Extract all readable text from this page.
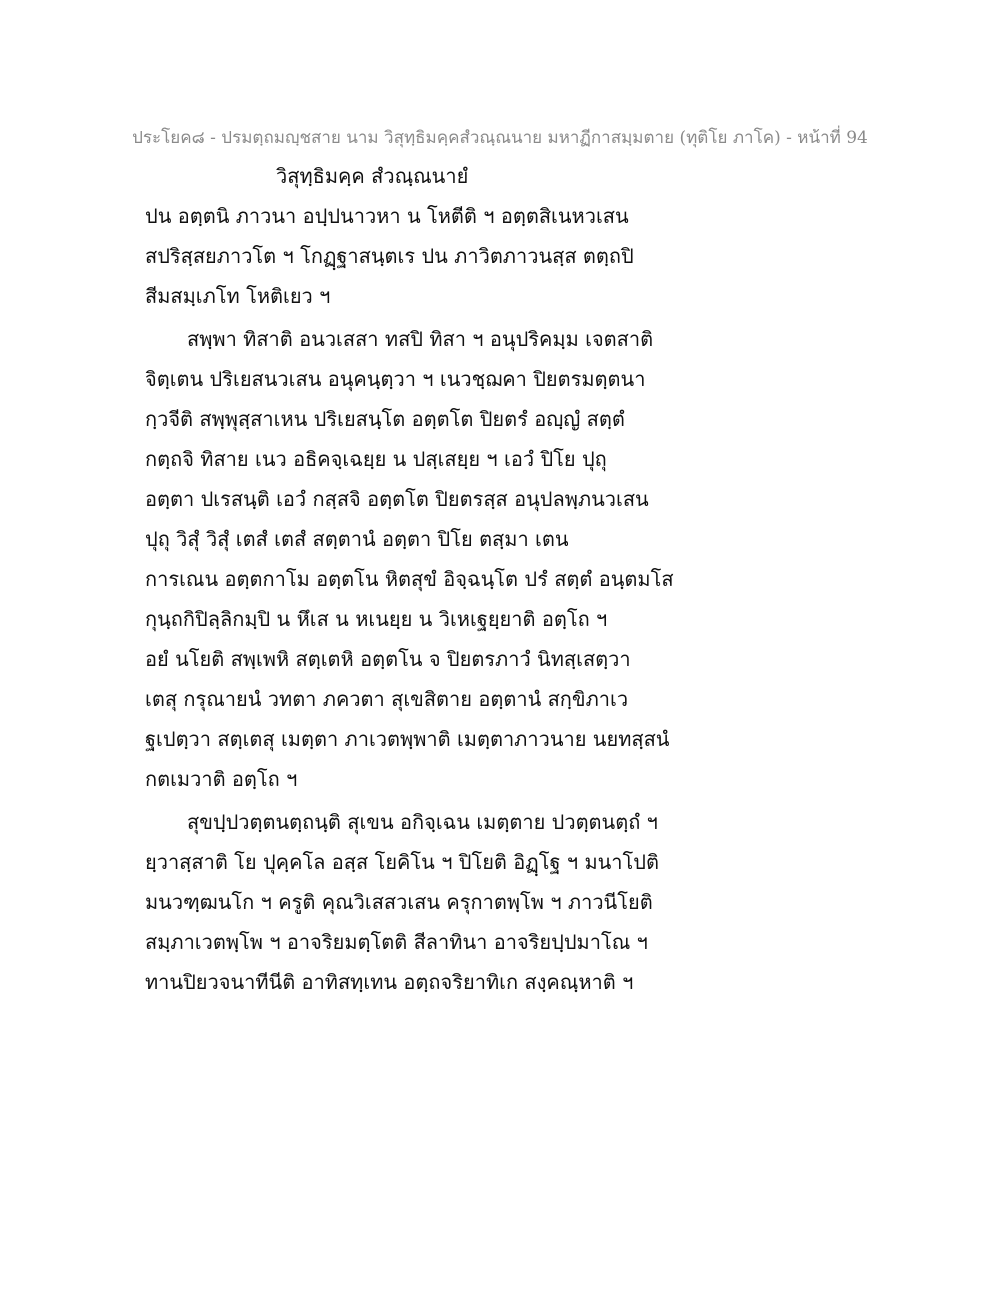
ประโยค๘ - ปรมตฺถมญฺชสาย นาม วิสุทฺธิมคฺคสํวณฺณนาย มหาฏีกาสมฺมตาย (ทุติโย ภาโค) - หน้าที่ 94
วิสุทฺธิมคฺค สํวณฺณนายํ
ปน อตฺตนิ ภาวนา อปฺปนาวหา น โหตีติ ฯ อตฺตสิเนหวเสน
สปริสฺสยภาวโต ฯ โกฏฺฐาสนฺตเร ปน ภาวิตภาวนสฺส ตตฺถปิ
สีมสมฺเภโท โหติเยว ฯ
สพฺพา ทิสาติ อนวเสสา ทสปิ ทิสา ฯ อนุปริคมฺม เจตสาติ
จิตฺเตน ปริเยสนวเสน อนุคนฺตฺวา ฯ เนวชฺฌคา ปิยตรมตฺตนา
กฺวจีติ สพฺพุสฺสาเหน ปริเยสนฺโต อตฺตโต ปิยตรํ อญฺญํ สตฺตํ
กตฺถจิ ทิสาย เนว อธิคจฺเฉยฺย น ปสฺเสยฺย ฯ เอวํ ปิโย ปุถุ
อตฺตา ปเรสนฺติ เอวํ กสฺสจิ อตฺตโต ปิยตรสฺส อนุปลพฺภนวเสน
ปุถุ วิสุํ วิสุํ เตสํ เตสํ สตฺตานํ อตฺตา ปิโย ตสฺมา เตน
การเณน อตฺตกาโม อตฺตโน หิตสุขํ อิจฺฉนฺโต ปรํ สตฺตํ อนฺตมโส
กุนฺถกิปิลฺลิกมฺปิ น หึเส น หเนยฺย น วิเหเฐยฺยาติ อตฺโถ ฯ
อยํ นโยติ สพฺเพหิ สตฺเตหิ อตฺตโน จ ปิยตรภาวํ นิทสฺเสตฺวา
เตสุ กรุณายนํ วทตา ภควตา สุเขสิตาย อตฺตานํ สกฺขิภาเว
ฐเปตฺวา สตฺเตสุ เมตฺตา ภาเวตพฺพาติ เมตฺตาภาวนาย นยทสฺสนํ
กตเมวาติ อตฺโถ ฯ
สุขปฺปวตฺตนตฺถนฺติ สุเขน อกิจฺเฉน เมตฺตาย ปวตฺตนตฺถํ ฯ
ยฺวาสฺสาติ โย ปุคฺคโล อสฺส โยคิโน ฯ ปิโยติ อิฏฺโฐ ฯ มนาโปติ
มนวฑฺฒนโก ฯ ครูติ คุณวิเสสวเสน ครุกาตพฺโพ ฯ ภาวนีโยติ
สมฺภาเวตพฺโพ ฯ อาจริยมตฺโตติ สีลาทินา อาจริยปฺปมาโณ ฯ
ทานปิยวจนาทีนีติ อาทิสทฺเทน อตฺถจริยาทิเก สงฺคณฺหาติ ฯ
